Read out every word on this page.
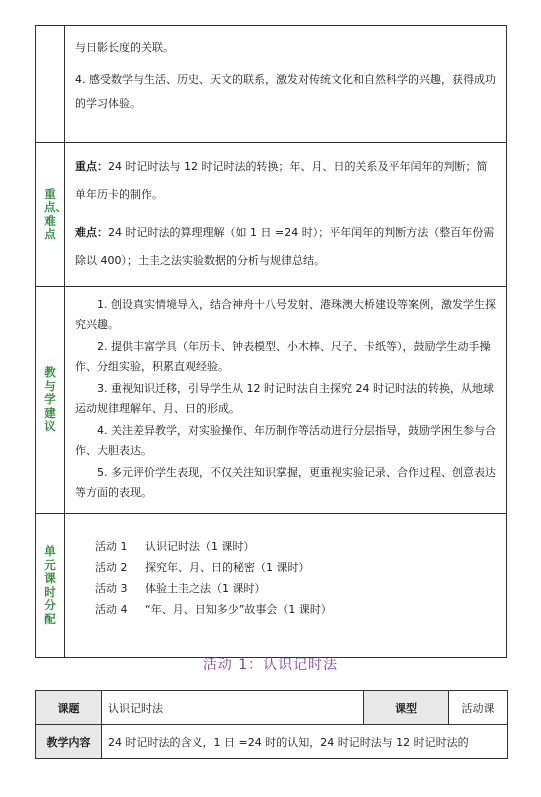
	与日影长度的关联。

4. 感受数学与生活、历史、天文的联系，激发对传统文化和自然科学的兴趣，获得成功的学习体验。

重点、难点	重点：24 时记时法与 12 时记时法的转换；年、月、日的关系及平年闰年的判断；简单年历卡的制作。

难点：24 时记时法的算理理解（如 1 日 =24 时）；平年闰年的判断方法（整百年份需除以 400）；土圭之法实验数据的分析与规律总结。

教与学建议	1. 创设真实情境导入，结合神舟十八号发射、港珠澳大桥建设等案例，激发学生探究兴趣。

2. 提供丰富学具（年历卡、钟表模型、小木棒、尺子、卡纸等），鼓励学生动手操作、分组实验，积累直观经验。

3. 重视知识迁移，引导学生从 12 时记时法自主探究 24 时记时法的转换，从地球运动规律理解年、月、日的形成。

4. 关注差异教学，对实验操作、年历制作等活动进行分层指导，鼓励学困生参与合作、大胆表达。

5. 多元评价学生表现，不仅关注知识掌握，更重视实验记录、合作过程、创意表达等方面的表现。

单元课时分配	活动 1 认识记时法（1 课时）

活动 2 探究年、月、日的秘密（1 课时）

活动 3 体验土圭之法（1 课时）

活动 4 “年、月、日知多少”故事会（1 课时）

活动 1：认识记时法
课题	认识记时法	课型	活动课
教学内容	24 时记时法的含义，1 日 =24 时的认知，24 时记时法与 12 时记时法的		
